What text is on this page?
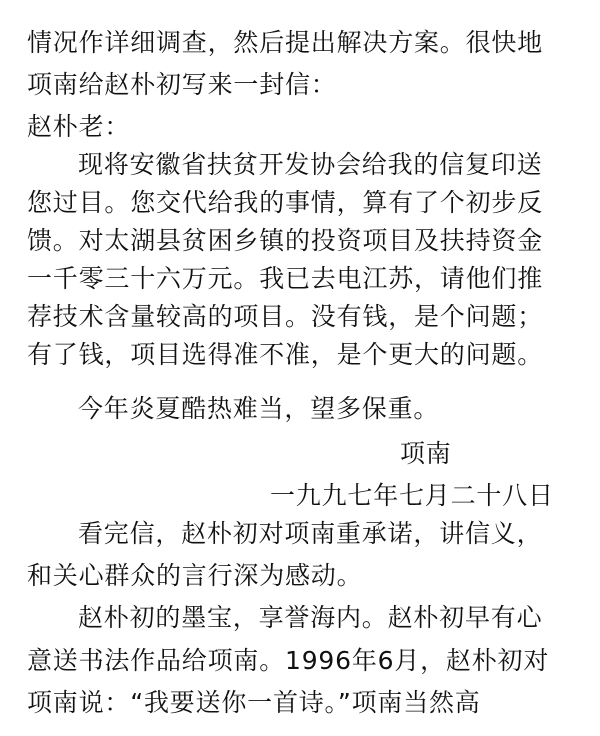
情况作详细调查，然后提出解决方案。很快地
项南给赵朴初写来一封信：
赵朴老：
现将安徽省扶贫开发协会给我的信复印送
您过目。您交代给我的事情，算有了个初步反
馈。对太湖县贫困乡镇的投资项目及扶持资金
一千零三十六万元。我已去电江苏，请他们推
荐技术含量较高的项目。没有钱，是个问题；
有了钱，项目选得准不准，是个更大的问题。
今年炎夏酷热难当，望多保重。
项南
一九九七年七月二十八日
看完信，赵朴初对项南重承诺，讲信义，
和关心群众的言行深为感动。
赵朴初的墨宝，享誉海内。赵朴初早有心
意送书法作品给项南。1996年6月，赵朴初对
项南说：“我要送你一首诗。”项南当然高
